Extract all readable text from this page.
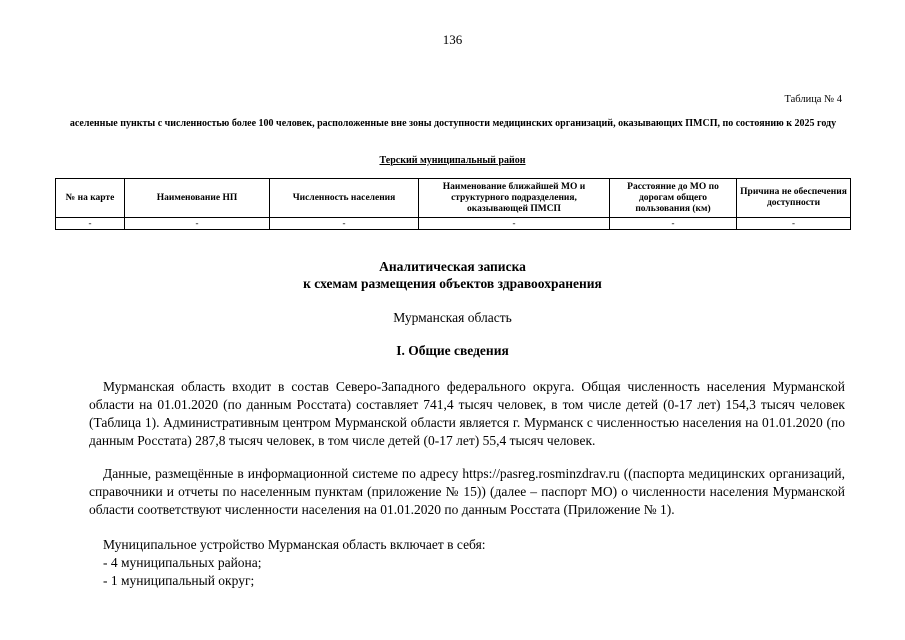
136
Таблица № 4
аселенные пункты с численностью более 100 человек, расположенные вне зоны доступности медицинских организаций, оказывающих ПМСП, по состоянию к 2025 году
Терский муниципальный район
№ на карте	Наименование НП	Численность населения	Наименование ближайшей МО и структурного подразделения, оказывающей ПМСП	Расстояние до МО по дорогам общего пользования (км)	Причина не обеспечения доступности
-	-	-	-	-	-
Аналитическая записка
к схемам размещения объектов здравоохранения
Мурманская область
I. Общие сведения

Мурманская область входит в состав Северо-Западного федерального округа. Общая численность населения Мурманской области на 01.01.2020 (по данным Росстата) составляет 741,4 тысяч человек, в том числе детей (0-17 лет) 154,3 тысяч человек (Таблица 1). Административным центром Мурманской области является г. Мурманск с численностью населения на 01.01.2020 (по данным Росстата) 287,8 тысяч человек, в том числе детей (0-17 лет) 55,4 тысяч человек.

Данные, размещённые в информационной системе по адресу https://pasreg.rosminzdrav.ru ((паспорта медицинских организаций, справочники и отчеты по населенным пунктам (приложение № 15)) (далее – паспорт МО) о численности населения Мурманской области соответствуют численности населения на 01.01.2020 по данным Росстата (Приложение № 1).

Муниципальное устройство Мурманская область включает в себя:
- 4 муниципальных района;
- 1 муниципальный округ;
